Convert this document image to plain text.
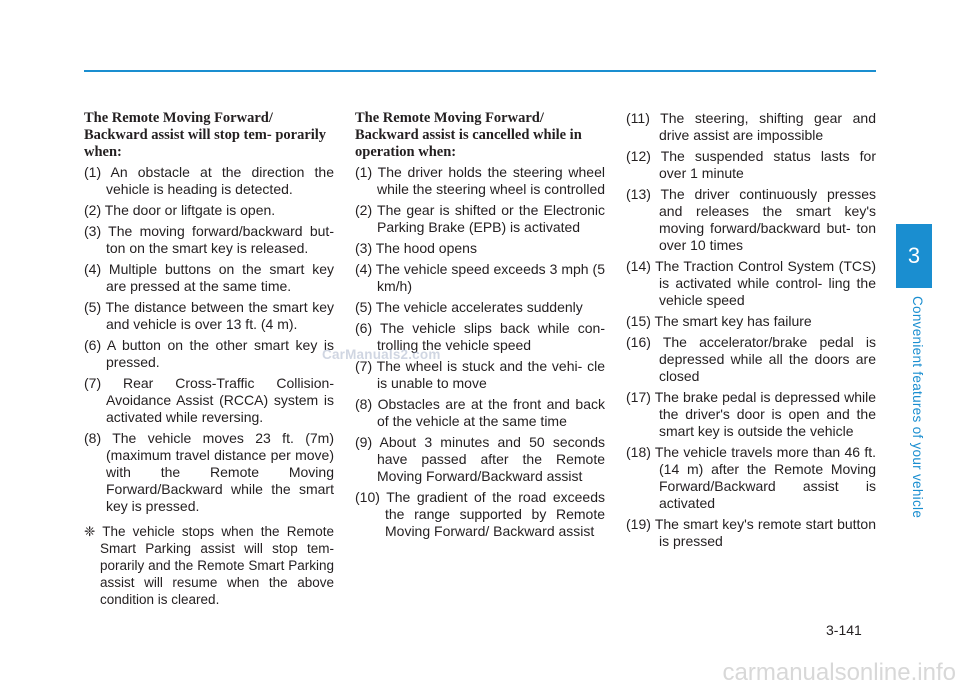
The Remote Moving Forward/ Backward assist will stop tem- porarily when:
(1) An obstacle at the direction the vehicle is heading is detected.
(2) The door or liftgate is open.
(3) The moving forward/backward but- ton on the smart key is released.
(4) Multiple buttons on the smart key are pressed at the same time.
(5) The distance between the smart key and vehicle is over 13 ft. (4 m).
(6) A button on the other smart key is pressed.
(7) Rear Cross-Traffic Collision- Avoidance Assist (RCCA) system is activated while reversing.
(8) The vehicle moves 23 ft. (7m) (maximum travel distance per move) with the Remote Moving Forward/Backward while the smart key is pressed.
❈ The vehicle stops when the Remote Smart Parking assist will stop tem- porarily and the Remote Smart Parking assist will resume when the above condition is cleared.
The Remote Moving Forward/ Backward assist is cancelled while in operation when:
(1) The driver holds the steering wheel while the steering wheel is controlled
(2) The gear is shifted or the Electronic Parking Brake (EPB) is activated
(3) The hood opens
(4) The vehicle speed exceeds 3 mph (5 km/h)
(5) The vehicle accelerates suddenly
(6) The vehicle slips back while con- trolling the vehicle speed
(7) The wheel is stuck and the vehi- cle is unable to move
(8) Obstacles are at the front and back of the vehicle at the same time
(9) About 3 minutes and 50 seconds have passed after the Remote Moving Forward/Backward assist
(10) The gradient of the road exceeds the range supported by Remote Moving Forward/ Backward assist
(11) The steering, shifting gear and drive assist are impossible
(12) The suspended status lasts for over 1 minute
(13) The driver continuously presses and releases the smart key's moving forward/backward but- ton over 10 times
(14) The Traction Control System (TCS) is activated while control- ling the vehicle speed
(15) The smart key has failure
(16) The accelerator/brake pedal is depressed while all the doors are closed
(17) The brake pedal is depressed while the driver's door is open and the smart key is outside the vehicle
(18) The vehicle travels more than 46 ft. (14 m) after the Remote Moving Forward/Backward assist is activated
(19) The smart key's remote start button is pressed
3
Convenient features of your vehicle
CarManuals2.com
3-141
carmanualsonline.info
